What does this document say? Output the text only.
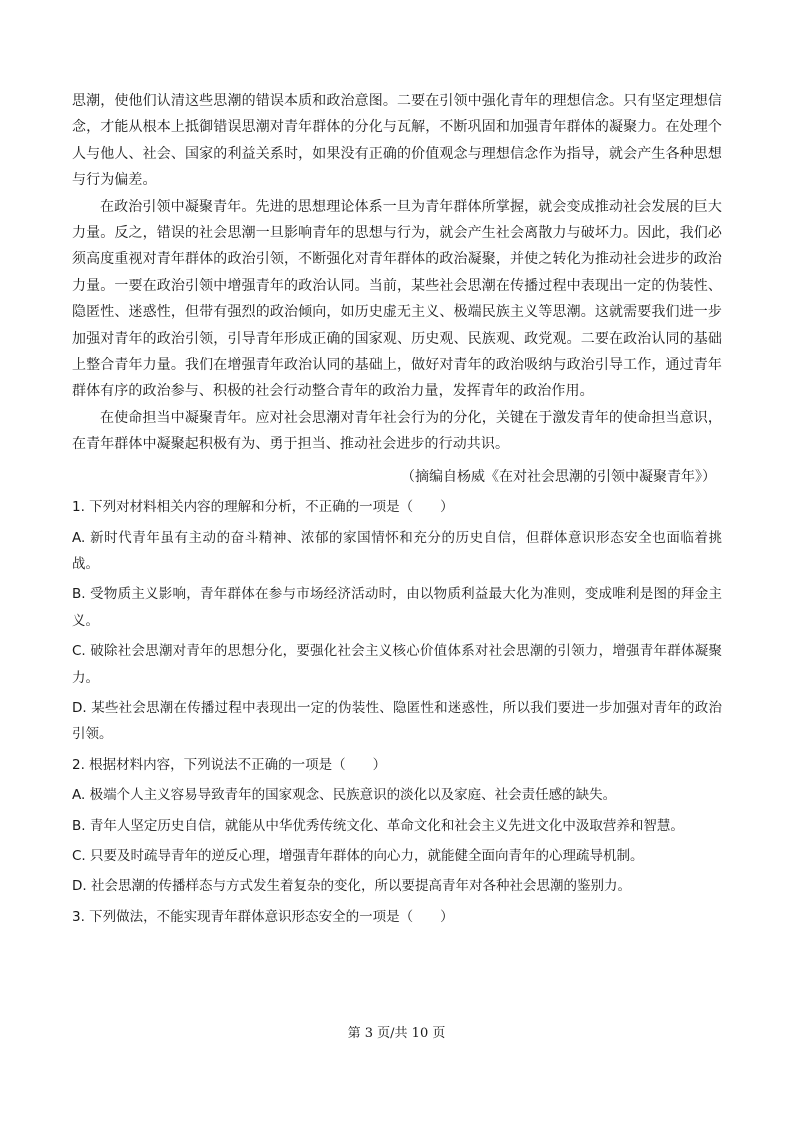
思潮，使他们认清这些思潮的错误本质和政治意图。二要在引领中强化青年的理想信念。只有坚定理想信念，才能从根本上抵御错误思潮对青年群体的分化与瓦解，不断巩固和加强青年群体的凝聚力。在处理个人与他人、社会、国家的利益关系时，如果没有正确的价值观念与理想信念作为指导，就会产生各种思想与行为偏差。

在政治引领中凝聚青年。先进的思想理论体系一旦为青年群体所掌握，就会变成推动社会发展的巨大力量。反之，错误的社会思潮一旦影响青年的思想与行为，就会产生社会离散力与破坏力。因此，我们必须高度重视对青年群体的政治引领，不断强化对青年群体的政治凝聚，并使之转化为推动社会进步的政治力量。一要在政治引领中增强青年的政治认同。当前，某些社会思潮在传播过程中表现出一定的伪装性、隐匿性、迷惑性，但带有强烈的政治倾向，如历史虚无主义、极端民族主义等思潮。这就需要我们进一步加强对青年的政治引领，引导青年形成正确的国家观、历史观、民族观、政党观。二要在政治认同的基础上整合青年力量。我们在增强青年政治认同的基础上，做好对青年的政治吸纳与政治引导工作，通过青年群体有序的政治参与、积极的社会行动整合青年的政治力量，发挥青年的政治作用。

在使命担当中凝聚青年。应对社会思潮对青年社会行为的分化，关键在于激发青年的使命担当意识，在青年群体中凝聚起积极有为、勇于担当、推动社会进步的行动共识。

（摘编自杨威《在对社会思潮的引领中凝聚青年》）

1. 下列对材料相关内容的理解和分析，不正确的一项是（　　）

A. 新时代青年虽有主动的奋斗精神、浓郁的家国情怀和充分的历史自信，但群体意识形态安全也面临着挑战。

B. 受物质主义影响，青年群体在参与市场经济活动时，由以物质利益最大化为准则，变成唯利是图的拜金主义。

C. 破除社会思潮对青年的思想分化，要强化社会主义核心价值体系对社会思潮的引领力，增强青年群体凝聚力。

D. 某些社会思潮在传播过程中表现出一定的伪装性、隐匿性和迷惑性，所以我们要进一步加强对青年的政治引领。

2. 根据材料内容，下列说法不正确的一项是（　　）

A. 极端个人主义容易导致青年的国家观念、民族意识的淡化以及家庭、社会责任感的缺失。

B. 青年人坚定历史自信，就能从中华优秀传统文化、革命文化和社会主义先进文化中汲取营养和智慧。

C. 只要及时疏导青年的逆反心理，增强青年群体的向心力，就能健全面向青年的心理疏导机制。

D. 社会思潮的传播样态与方式发生着复杂的变化，所以要提高青年对各种社会思潮的鉴别力。

3. 下列做法，不能实现青年群体意识形态安全的一项是（　　）

第 3 页/共 10 页
